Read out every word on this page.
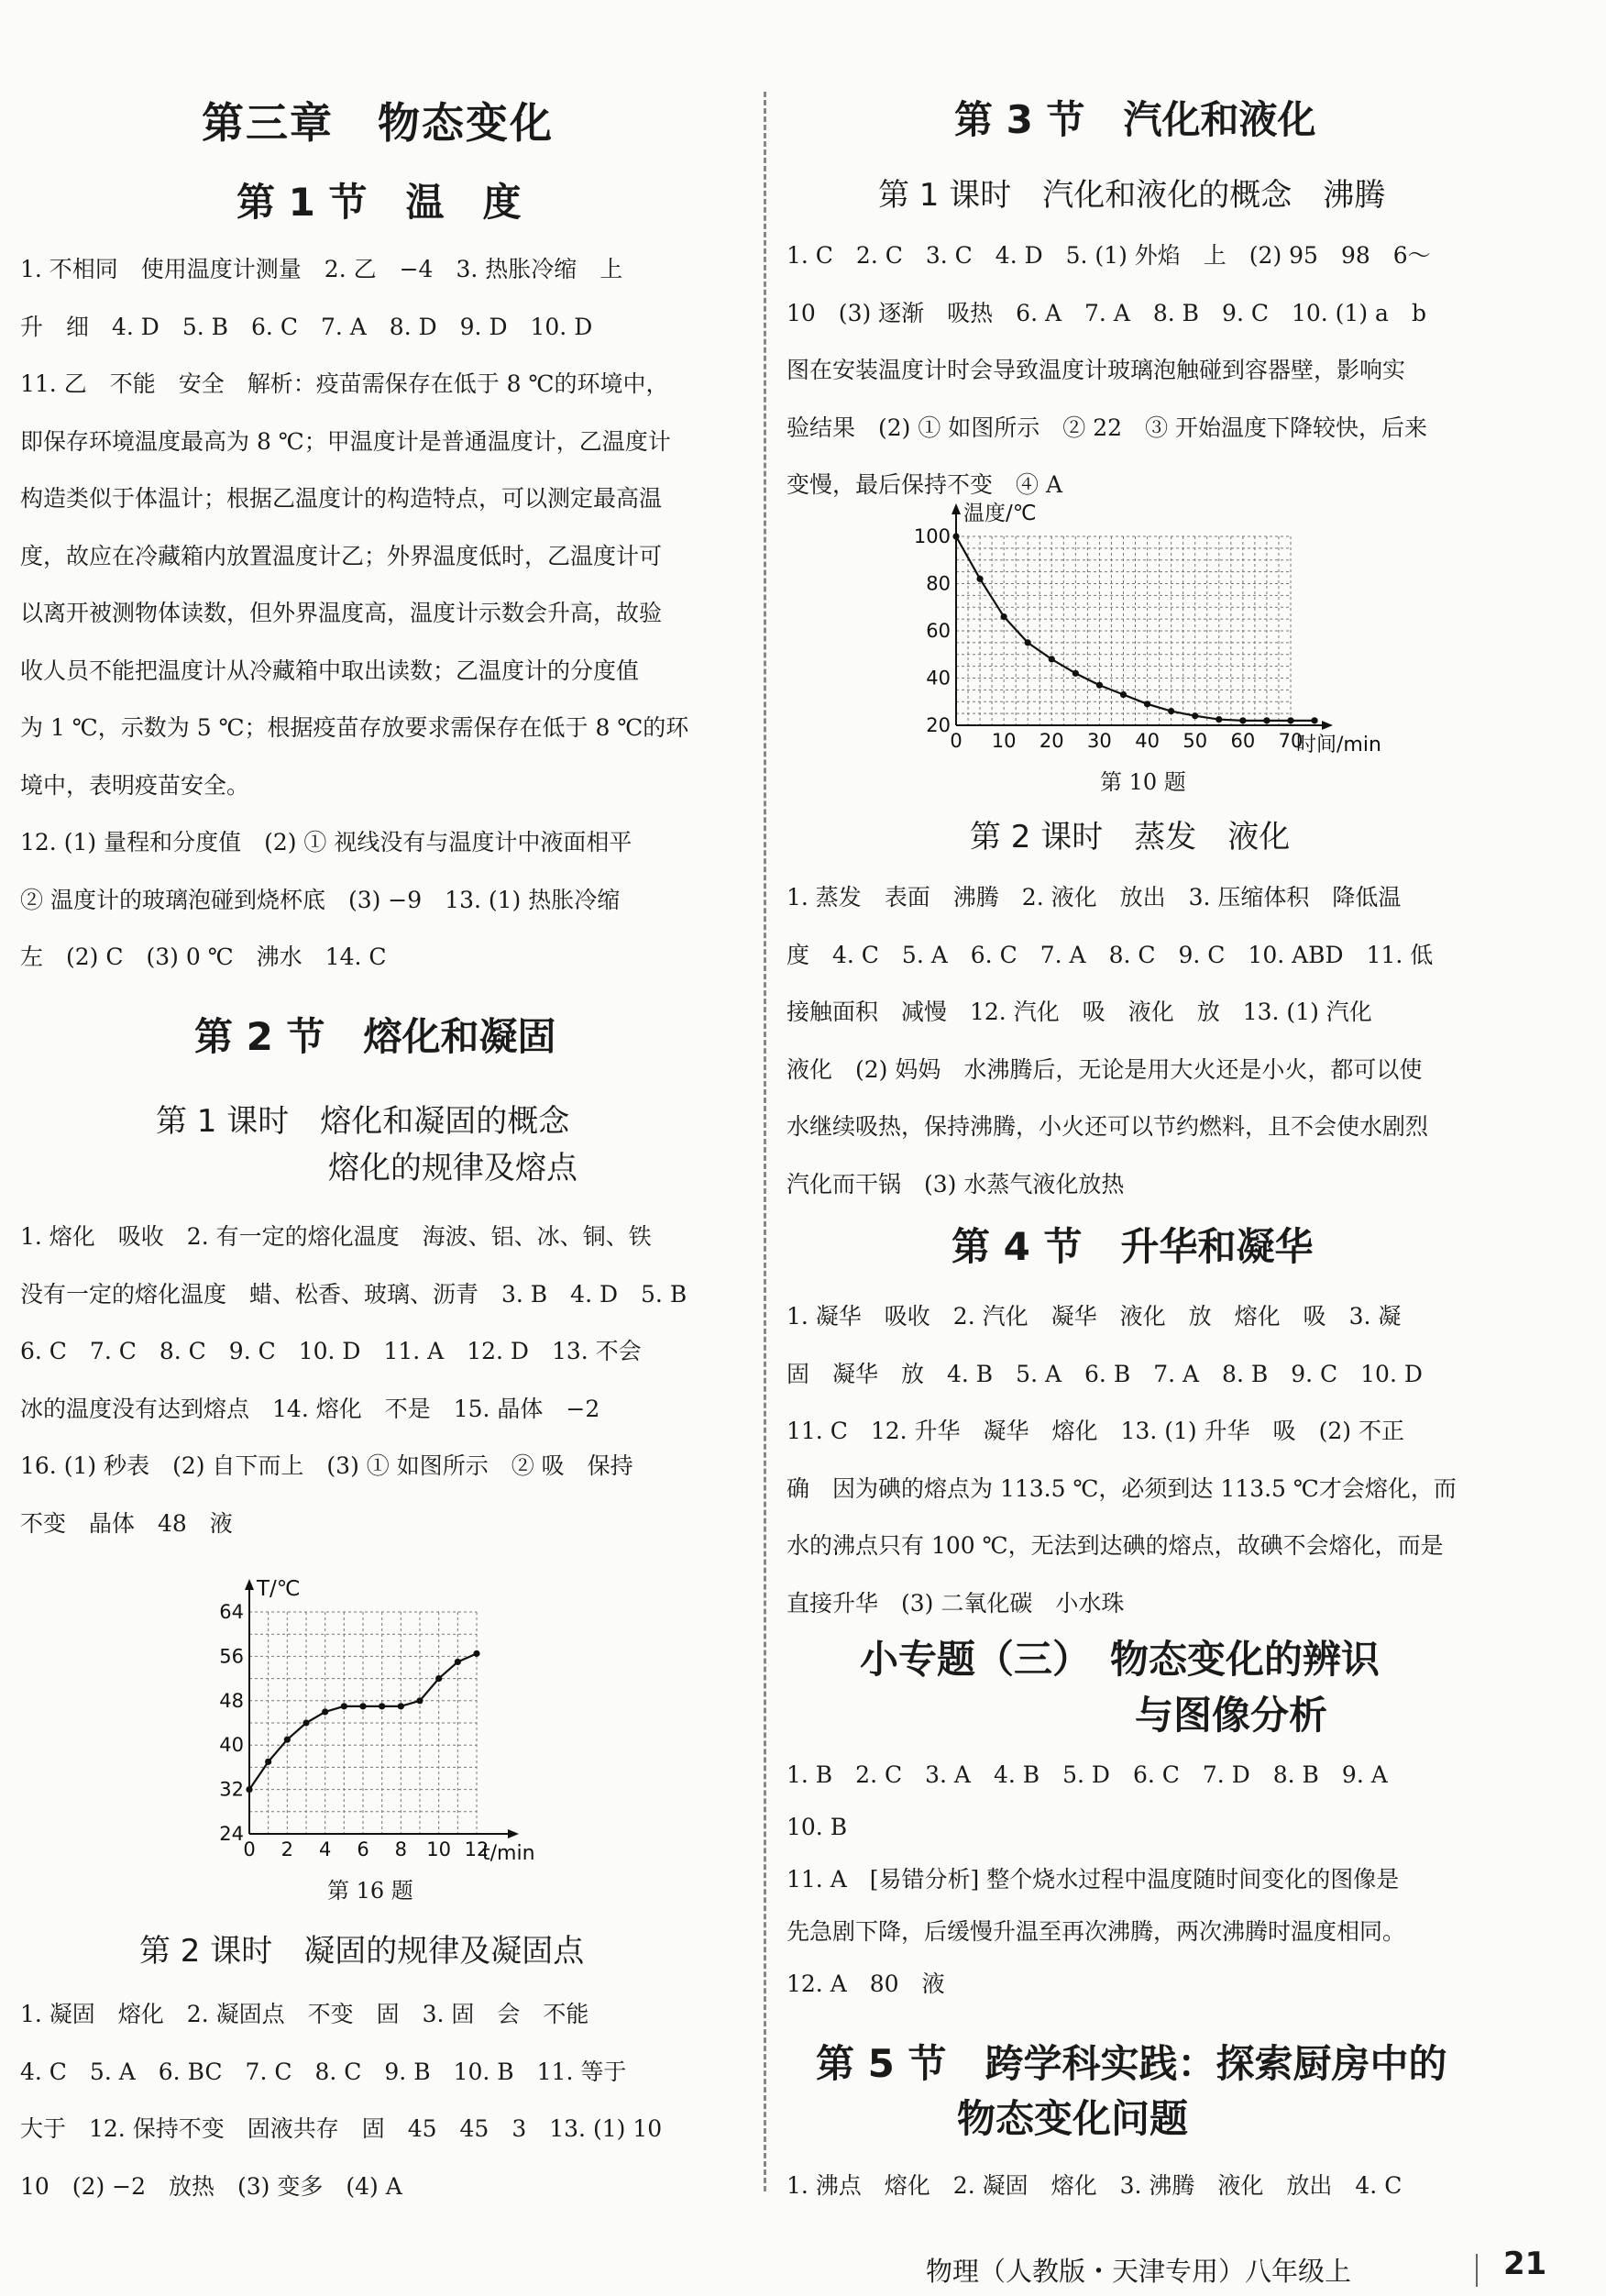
第三章　物态变化
第 1 节　温　度
1. 不相同　使用温度计测量　2. 乙　−4　3. 热胀冷缩　上
升　细　4. D　5. B　6. C　7. A　8. D　9. D　10. D
11. 乙　不能　安全　解析：疫苗需保存在低于 8 ℃的环境中，
即保存环境温度最高为 8 ℃；甲温度计是普通温度计，乙温度计
构造类似于体温计；根据乙温度计的构造特点，可以测定最高温
度，故应在冷藏箱内放置温度计乙；外界温度低时，乙温度计可
以离开被测物体读数，但外界温度高，温度计示数会升高，故验
收人员不能把温度计从冷藏箱中取出读数；乙温度计的分度值
为 1 ℃，示数为 5 ℃；根据疫苗存放要求需保存在低于 8 ℃的环
境中，表明疫苗安全。
12. (1) 量程和分度值　(2) ① 视线没有与温度计中液面相平
② 温度计的玻璃泡碰到烧杯底　(3) −9　13. (1) 热胀冷缩
左　(2) C　(3) 0 ℃　沸水　14. C
第 2 节　熔化和凝固
第 1 课时　熔化和凝固的概念
熔化的规律及熔点
1. 熔化　吸收　2. 有一定的熔化温度　海波、铝、冰、铜、铁
没有一定的熔化温度　蜡、松香、玻璃、沥青　3. B　4. D　5. B
6. C　7. C　8. C　9. C　10. D　11. A　12. D　13. 不会
冰的温度没有达到熔点　14. 熔化　不是　15. 晶体　−2
16. (1) 秒表　(2) 自下而上　(3) ① 如图所示　② 吸　保持
不变　晶体　48　液
0 2 4 6 8 10 12
24
32
40
48
56
64
T/℃
t/min
第 16 题
第 2 课时　凝固的规律及凝固点
1. 凝固　熔化　2. 凝固点　不变　固　3. 固　会　不能
4. C　5. A　6. BC　7. C　8. C　9. B　10. B　11. 等于
大于　12. 保持不变　固液共存　固　45　45　3　13. (1) 10
10　(2) −2　放热　(3) 变多　(4) A
第 3 节　汽化和液化
第 1 课时　汽化和液化的概念　沸腾
1. C　2. C　3. C　4. D　5. (1) 外焰　上　(2) 95　98　6～
10　(3) 逐渐　吸热　6. A　7. A　8. B　9. C　10. (1) a　b
图在安装温度计时会导致温度计玻璃泡触碰到容器壁，影响实
验结果　(2) ① 如图所示　② 22　③ 开始温度下降较快，后来
变慢，最后保持不变　④ A
0 10 20 30 40 50 60 70
20
40
60
80
100
温度/℃
时间/min
第 10 题
第 2 课时　蒸发　液化
1. 蒸发　表面　沸腾　2. 液化　放出　3. 压缩体积　降低温
度　4. C　5. A　6. C　7. A　8. C　9. C　10. ABD　11. 低
接触面积　减慢　12. 汽化　吸　液化　放　13. (1) 汽化
液化　(2) 妈妈　水沸腾后，无论是用大火还是小火，都可以使
水继续吸热，保持沸腾，小火还可以节约燃料，且不会使水剧烈
汽化而干锅　(3) 水蒸气液化放热
第 4 节　升华和凝华
1. 凝华　吸收　2. 汽化　凝华　液化　放　熔化　吸　3. 凝
固　凝华　放　4. B　5. A　6. B　7. A　8. B　9. C　10. D
11. C　12. 升华　凝华　熔化　13. (1) 升华　吸　(2) 不正
确　因为碘的熔点为 113.5 ℃，必须到达 113.5 ℃才会熔化，而
水的沸点只有 100 ℃，无法到达碘的熔点，故碘不会熔化，而是
直接升华　(3) 二氧化碳　小水珠
小专题（三）　物态变化的辨识
与图像分析
1. B　2. C　3. A　4. B　5. D　6. C　7. D　8. B　9. A
10. B
11. A　[易错分析] 整个烧水过程中温度随时间变化的图像是
先急剧下降，后缓慢升温至再次沸腾，两次沸腾时温度相同。
12. A　80　液
第 5 节　跨学科实践：探索厨房中的
物态变化问题
1. 沸点　熔化　2. 凝固　熔化　3. 沸腾　液化　放出　4. C
物理（人教版・天津专用）八年级上	21
